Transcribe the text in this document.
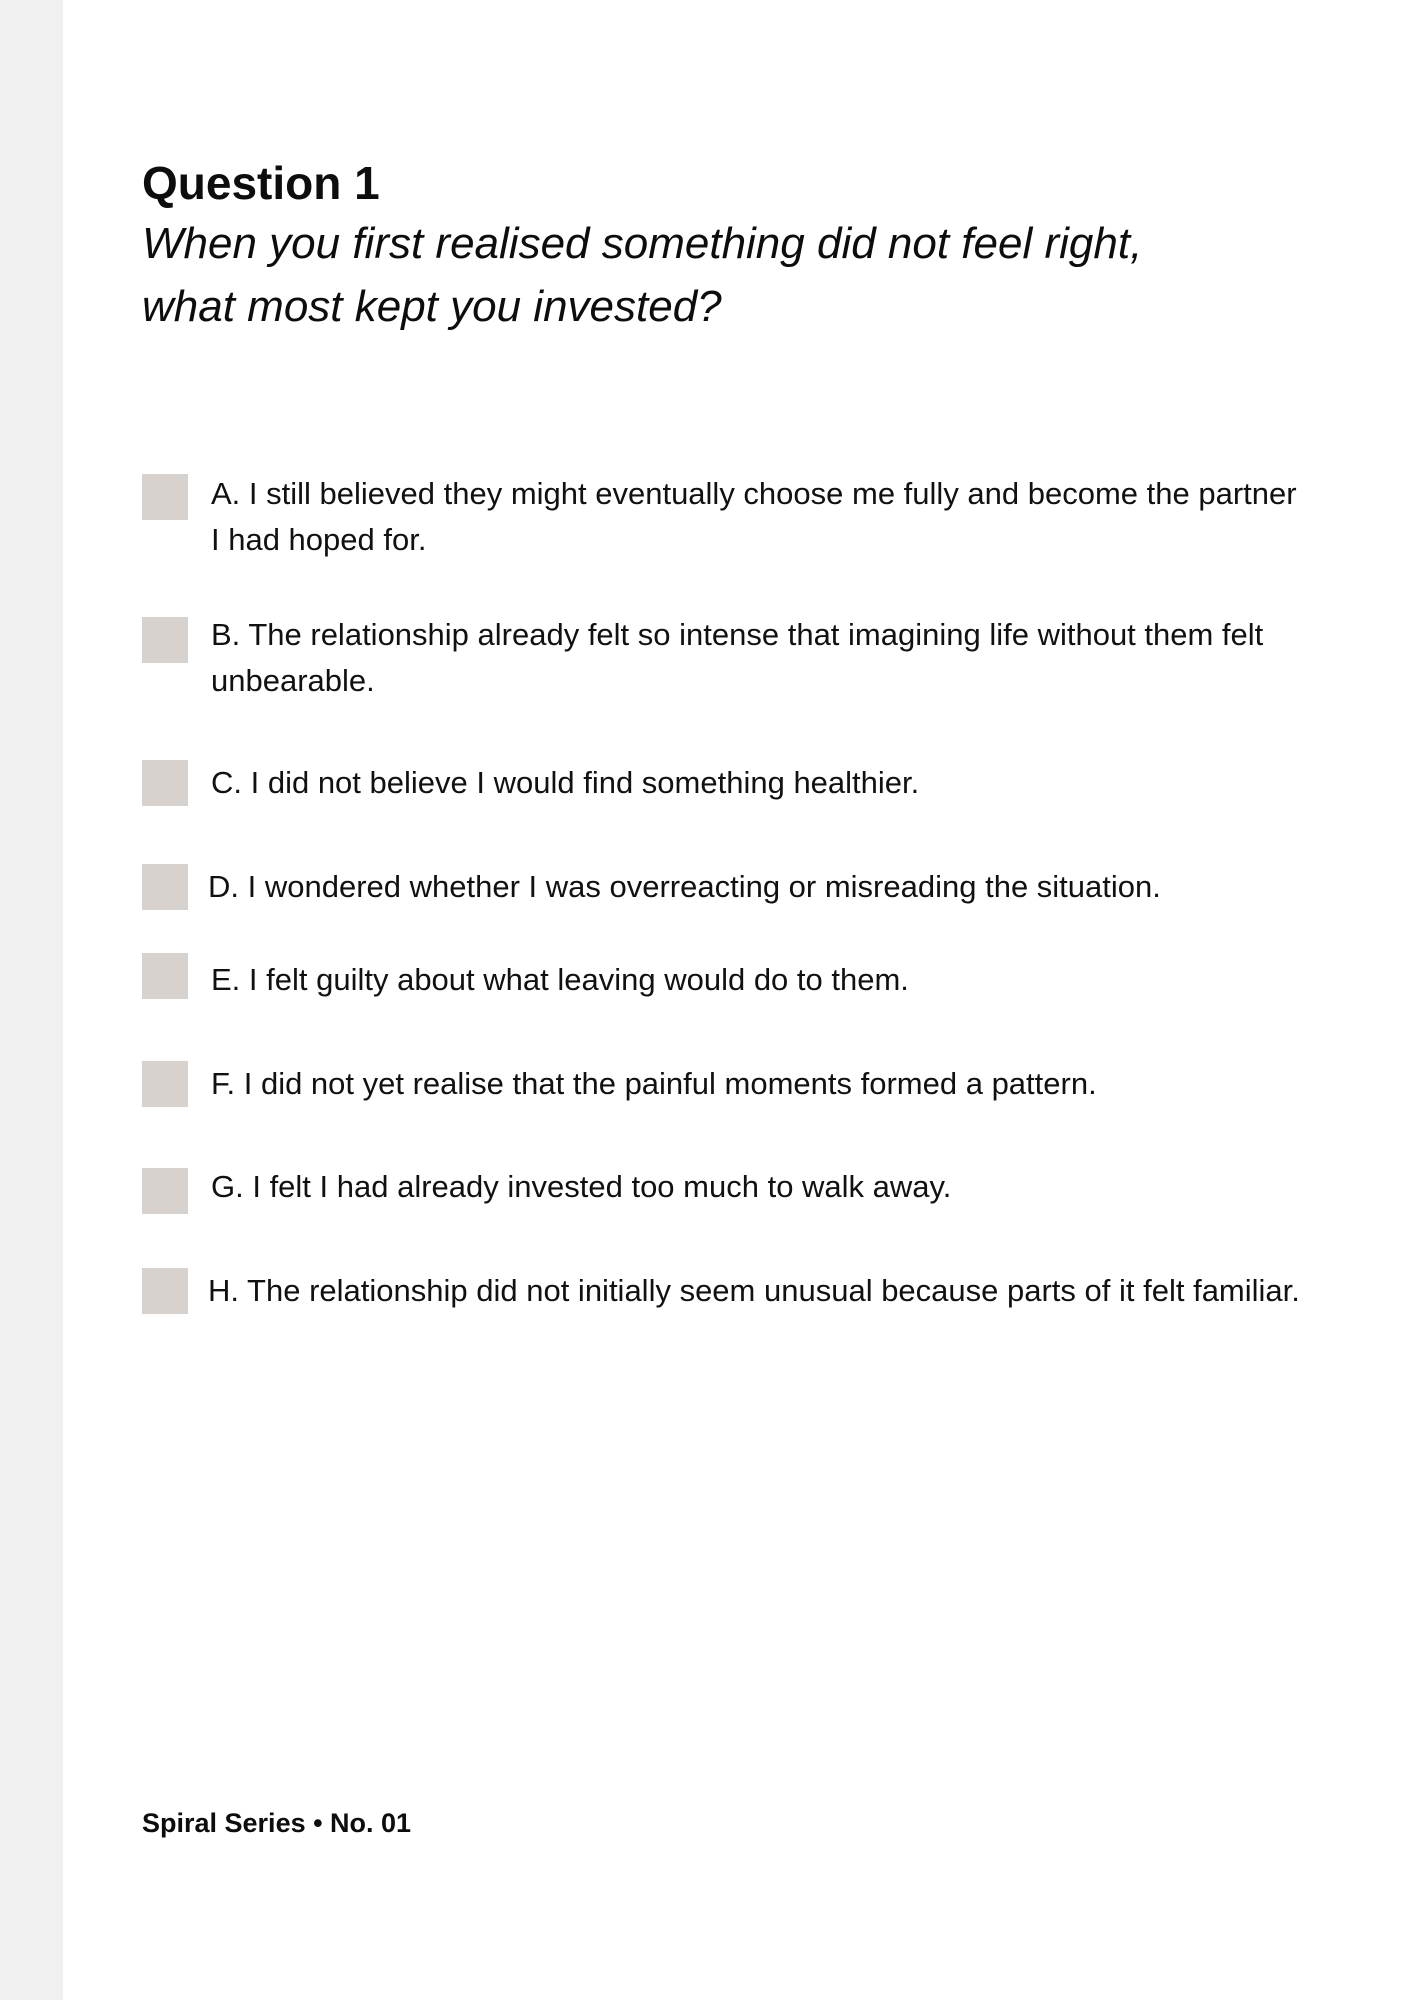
Question 1

When you first realised something did not feel right,
what most kept you invested?

A. I still believed they might eventually choose me fully and become the partner I had hoped for.
B. The relationship already felt so intense that imagining life without them felt unbearable.
C. I did not believe I would find something healthier.
D. I wondered whether I was overreacting or misreading the situation.
E. I felt guilty about what leaving would do to them.
F. I did not yet realise that the painful moments formed a pattern.
G. I felt I had already invested too much to walk away.
H. The relationship did not initially seem unusual because parts of it felt familiar.
Spiral Series • No. 01
